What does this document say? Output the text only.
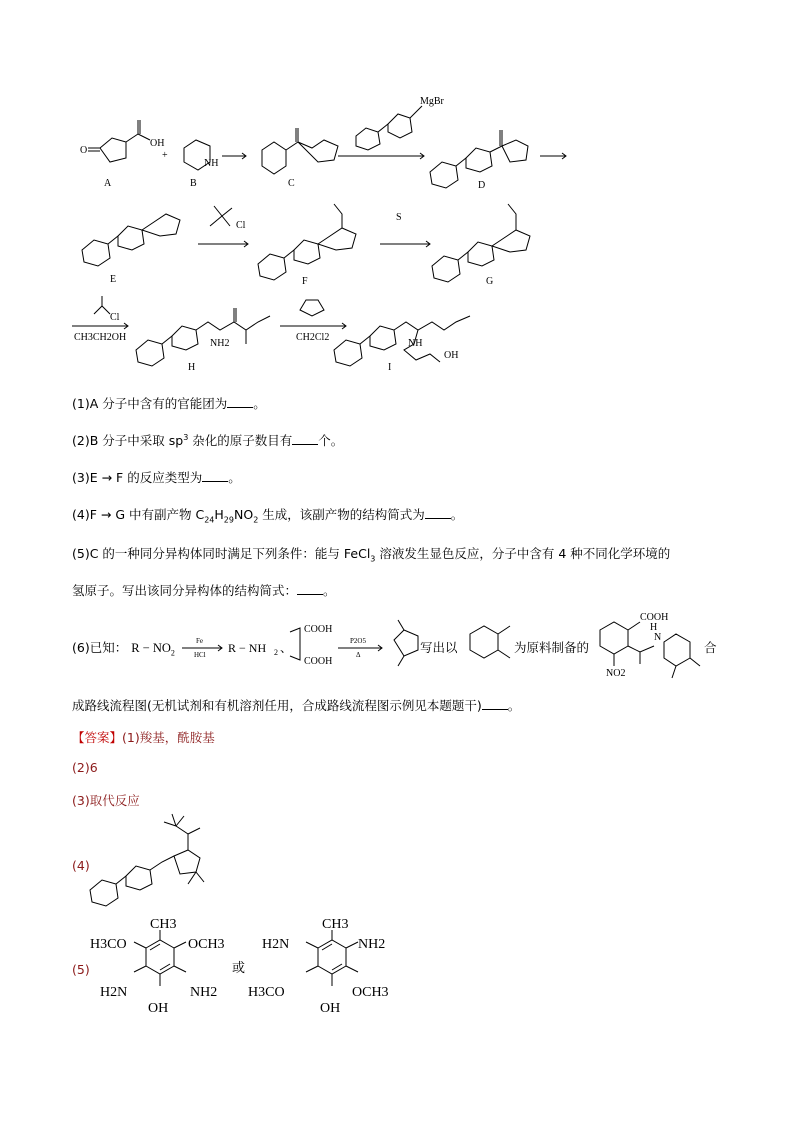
A	B	C	D
+
OH
O
NH
MgBr
E	F	G
Cl
S
Cl
CH3CH2OH	CH2Cl2
NH2
H
NH
OH
I
(1)A 分子中含有的官能团为 。
(2)B 分子中采取 $sp^3$ 杂化的原子数目有 个。
(3)E → F 的反应类型为 。
(4)F → G 中有副产物 $C_{24}H_{29}NO_2$ 生成，该副产物的结构简式为 。
(5)C 的一种同分异构体同时满足下列条件：能与 FeCl$_3$ 溶液发生显色反应，分子中含有 4 种不同化学环境的
氢原子。写出该同分异构体的结构简式： 。
(6)已知： $R - NO_2$
Fe
HCl R − NH 2 、
COOH
COOH
P2O5
Δ	写出以	为原料制备的
COOH
NO2
N
H
合
成路线流程图(无机试剂和有机溶剂任用，合成路线流程图示例见本题题干) 。
【答案】(1)羧基，酰胺基
(2)6
(3)取代反应
(4)
(5)
CH3
H3CO	OCH3
H2N	NH2
OH
或
CH3
H2N	NH2
H3CO	OCH3
OH
